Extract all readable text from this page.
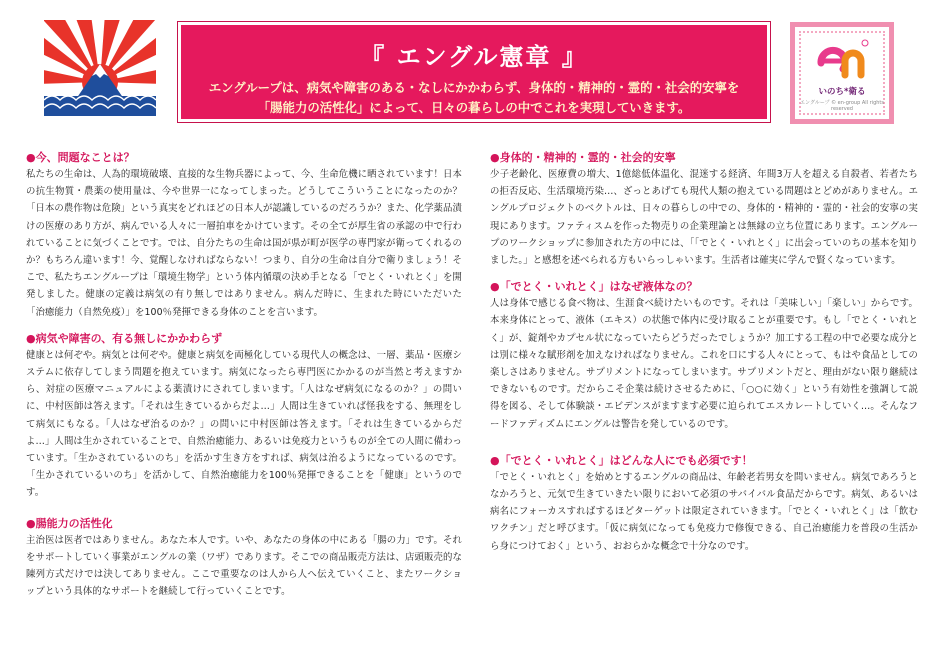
『 エングル憲章 』
エングループは、病気や障害のある・なしにかかわらず、身体的・精神的・霊的・社会的安寧を
「腸能力の活性化」によって、日々の暮らしの中でこれを実現していきます。
いのち*衛る
エングループ © en-group All rights reserved
●今、問題なことは？
私たちの生命は、人為的環境破壊、直接的な生物兵器によって、今、生命危機に晒されています！日本の抗生物質・農薬の使用量は、今や世界一になってしまった。どうしてこういうことになったのか？「日本の農作物は危険」という真実をどれほどの日本人が認識しているのだろうか？また、化学薬品漬けの医療のあり方が、病んでいる人々に一層拍車をかけています。その全てが厚生省の承認の中で行われていることに気づくことです。では、自分たちの生命は国が県が町が医学の専門家が衛ってくれるのか？もちろん違います！今、覚醒しなければならない！つまり、自分の生命は自分で衛りましょう！そこで、私たちエングループは「環境生物学」という体内循環の決め手となる「でとく・いれとく」を開発しました。健康の定義は病気の有り無しではありません。病んだ時に、生まれた時にいただいた「治癒能力（自然免疫）」を100％発揮できる身体のことを言います。
●病気や障害の、有る無しにかかわらず
健康とは何ぞや。病気とは何ぞや。健康と病気を両極化している現代人の概念は、一層、薬品・医療システムに依存してしまう問題を抱えています。病気になったら専門医にかかるのが当然と考えますから、対症の医療マニュアルによる薬漬けにされてしまいます。「人はなぜ病気になるのか？」の問いに、中村医師は答えます。「それは生きているからだよ…」人間は生きていれば怪我をする、無理をして病気にもなる。「人はなぜ治るのか？」の問いに中村医師は答えます。「それは生きているからだよ…」人間は生かされていることで、自然治癒能力、あるいは免疫力というものが全ての人間に備わっています。「生かされているいのち」を活かす生き方をすれば、病気は治るようになっているのです。「生かされているいのち」を活かして、自然治癒能力を100％発揮できることを「健康」というのです。
●腸能力の活性化
主治医は医者ではありません。あなた本人です。いや、あなたの身体の中にある「腸の力」です。それをサポートしていく事業がエングルの業（ワザ）であります。そこでの商品販売方法は、店頭販売的な陳列方式だけでは決してありません。ここで重要なのは人から人へ伝えていくこと、またワークショップという具体的なサポートを継続して行っていくことです。
●身体的・精神的・霊的・社会的安寧
少子老齢化、医療費の増大、1億総低体温化、混迷する経済、年間3万人を超える自殺者、若者たちの拒否反応、生活環境汚染…、ざっとあげても現代人類の抱えている問題はとどめがありません。エングルプロジェクトのベクトルは、日々の暮らしの中での、身体的・精神的・霊的・社会的安寧の実現にあります。ファティスムを作った物売りの企業理論とは無縁の立ち位置にあります。エングループのワークショップに参加された方の中には、「「でとく・いれとく」に出会っていのちの基本を知りました。」と感想を述べられる方もいらっしゃいます。生活者は確実に学んで賢くなっています。
●「でとく・いれとく」はなぜ液体なの？
人は身体で感じる食べ物は、生涯食べ続けたいものです。それは「美味しい」「楽しい」からです。本来身体にとって、液体（エキス）の状態で体内に受け取ることが重要です。もし「でとく・いれとく」が、錠剤やカプセル状になっていたらどうだったでしょうか？加工する工程の中で必要な成分とは別に様々な賦形剤を加えなければなりません。これを口にする人々にとって、もはや食品としての楽しさはありません。サプリメントになってしまいます。サプリメントだと、理由がない限り継続はできないものです。だからこそ企業は続けさせるために、「○○に効く」という有効性を強調して説得を図る、そして体験談・エビデンスがますます必要に迫られてエスカレートしていく…。そんなフードファディズムにエングルは警告を発しているのです。
●「でとく・いれとく」はどんな人にでも必須です！
「でとく・いれとく」を始めとするエングルの商品は、年齢老若男女を問いません。病気であろうとなかろうと、元気で生きていきたい限りにおいて必須のサバイバル食品だからです。病気、あるいは病名にフォーカスすればするほどターゲットは限定されていきます。「でとく・いれとく」は「飲むワクチン」だと呼びます。「仮に病気になっても免疫力で修復できる、自己治癒能力を普段の生活から身につけておく」という、おおらかな概念で十分なのです。
